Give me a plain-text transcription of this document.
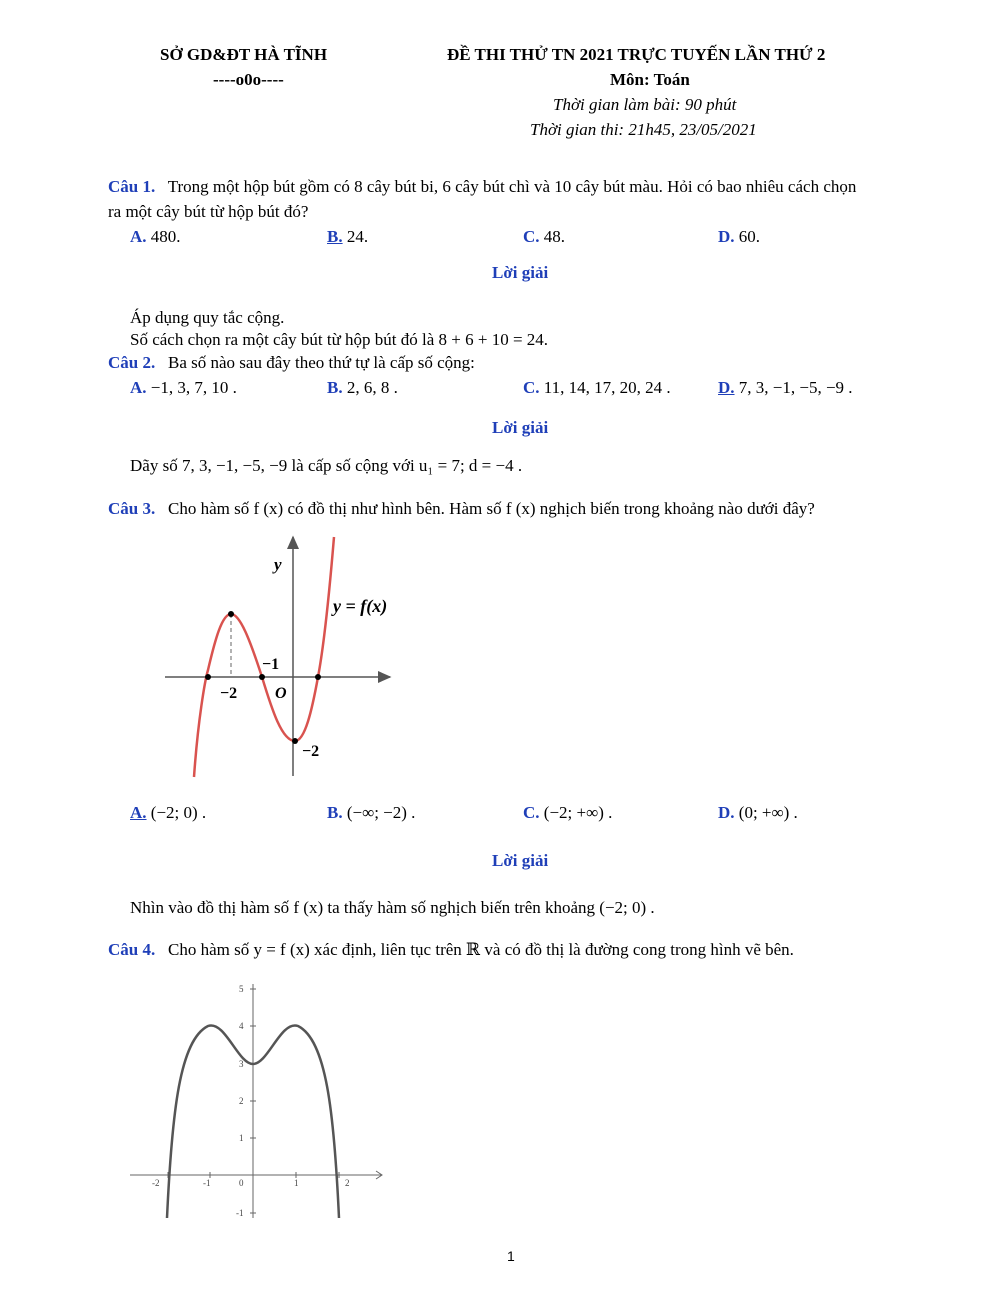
SỞ GD&ĐT HÀ TĨNH
----o0o----
ĐỀ THI THỬ TN 2021 TRỰC TUYẾN LẦN THỨ 2
Môn: Toán
Thời gian làm bài: 90 phút
Thời gian thi: 21h45, 23/05/2021
Câu 1. Trong một hộp bút gồm có 8 cây bút bi, 6 cây bút chì và 10 cây bút màu. Hỏi có bao nhiêu cách chọn
ra một cây bút từ hộp bút đó?
A. 480.	B. 24.	C. 48.	D. 60.
Lời giải
Áp dụng quy tắc cộng.
Số cách chọn ra một cây bút từ hộp bút đó là 8 + 6 + 10 = 24.
Câu 2. Ba số nào sau đây theo thứ tự là cấp số cộng:
A. −1, 3, 7, 10 .	B. 2, 6, 8 .	C. 11, 14, 17, 20, 24 .	D. 7, 3, −1, −5, −9 .
Lời giải
Dãy số 7, 3, −1, −5, −9 là cấp số cộng với u₁ = 7; d = −4 .
Câu 3. Cho hàm số f (x) có đồ thị như hình bên. Hàm số f (x) nghịch biến trong khoảng nào dưới đây?
y
y = f(x)
−1
−2 O
−2
A. (−2; 0) .	B. (−∞; −2) .	C. (−2; +∞) .	D. (0; +∞) .
Lời giải
Nhìn vào đồ thị hàm số f (x) ta thấy hàm số nghịch biến trên khoảng (−2; 0) .
Câu 4. Cho hàm số y = f (x) xác định, liên tục trên ℝ và có đồ thị là đường cong trong hình vẽ bên.
5
4
3
2
1
-1
-2	-1	0	1	2
1
